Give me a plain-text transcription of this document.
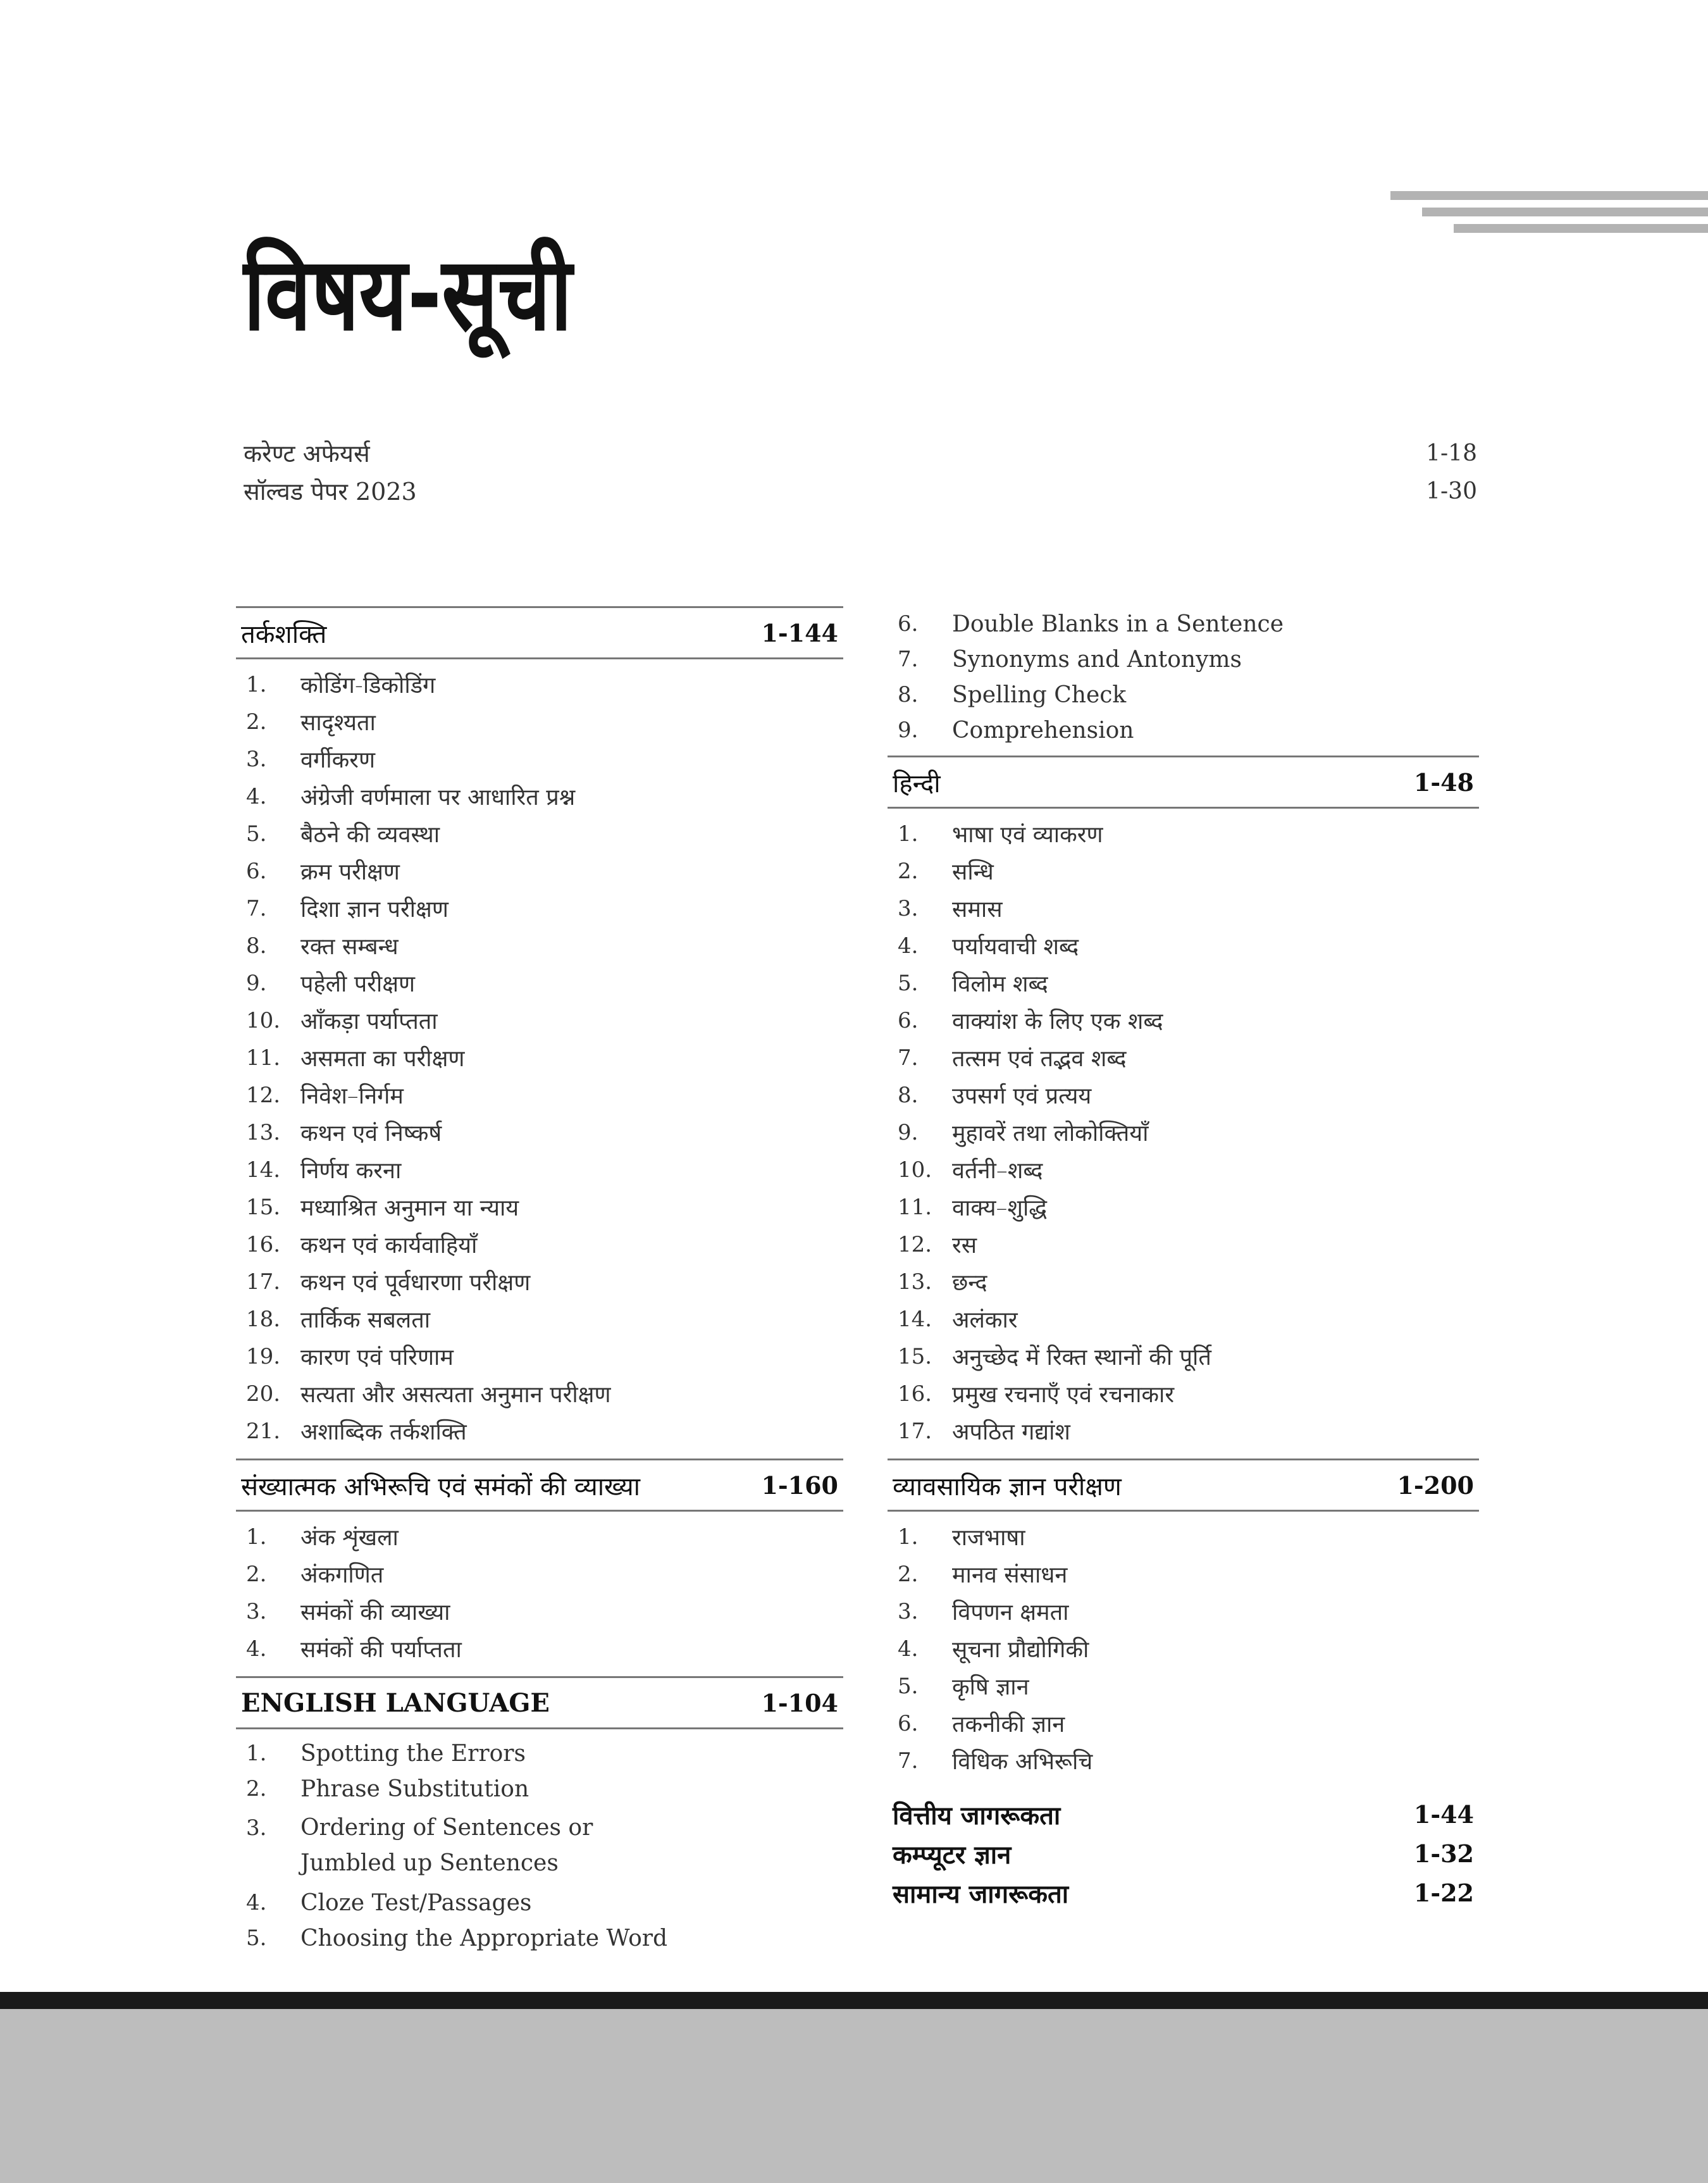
विषय-सूची
करेण्ट अफेयर्स	1-18
सॉल्वड पेपर 2023	1-30
तर्कशक्ति	1-144
1.	कोडिंग-डिकोडिंग
2.	सादृश्यता
3.	वर्गीकरण
4.	अंग्रेजी वर्णमाला पर आधारित प्रश्न
5.	बैठने की व्यवस्था
6.	क्रम परीक्षण
7.	दिशा ज्ञान परीक्षण
8.	रक्त सम्बन्ध
9.	पहेली परीक्षण
10. आँकड़ा पर्याप्तता
11. असमता का परीक्षण
12. निवेश–निर्गम
13. कथन एवं निष्कर्ष
14. निर्णय करना
15. मध्याश्रित अनुमान या न्याय
16. कथन एवं कार्यवाहियाँ
17. कथन एवं पूर्वधारणा परीक्षण
18. तार्किक सबलता
19. कारण एवं परिणाम
20. सत्यता और असत्यता अनुमान परीक्षण
21. अशाब्दिक तर्कशक्ति
संख्यात्मक अभिरूचि एवं समंकों की व्याख्या	1-160
1.	अंक शृंखला
2.	अंकगणित
3.	समंकों की व्याख्या
4.	समंकों की पर्याप्तता
ENGLISH LANGUAGE	1-104
1.	Spotting the Errors
2.	Phrase Substitution
3.	Ordering of Sentences or
Jumbled up Sentences
4.	Cloze Test/Passages
5.	Choosing the Appropriate Word
6.	Double Blanks in a Sentence
7.	Synonyms and Antonyms
8.	Spelling Check
9.	Comprehension
हिन्दी	1-48
1.	भाषा एवं व्याकरण
2.	सन्धि
3.	समास
4.	पर्यायवाची शब्द
5.	विलोम शब्द
6.	वाक्यांश के लिए एक शब्द
7.	तत्सम एवं तद्भव शब्द
8.	उपसर्ग एवं प्रत्यय
9.	मुहावरें तथा लोकोक्तियाँ
10. वर्तनी–शब्द
11. वाक्य–शुद्धि
12. रस
13. छन्द
14. अलंकार
15. अनुच्छेद में रिक्त स्थानों की पूर्ति
16. प्रमुख रचनाएँ एवं रचनाकार
17. अपठित गद्यांश
व्यावसायिक ज्ञान परीक्षण	1-200
1.	राजभाषा
2.	मानव संसाधन
3.	विपणन क्षमता
4.	सूचना प्रौद्योगिकी
5.	कृषि ज्ञान
6.	तकनीकी ज्ञान
7.	विधिक अभिरूचि
वित्तीय जागरूकता	1-44
कम्प्यूटर ज्ञान	1-32
सामान्य जागरूकता	1-22
